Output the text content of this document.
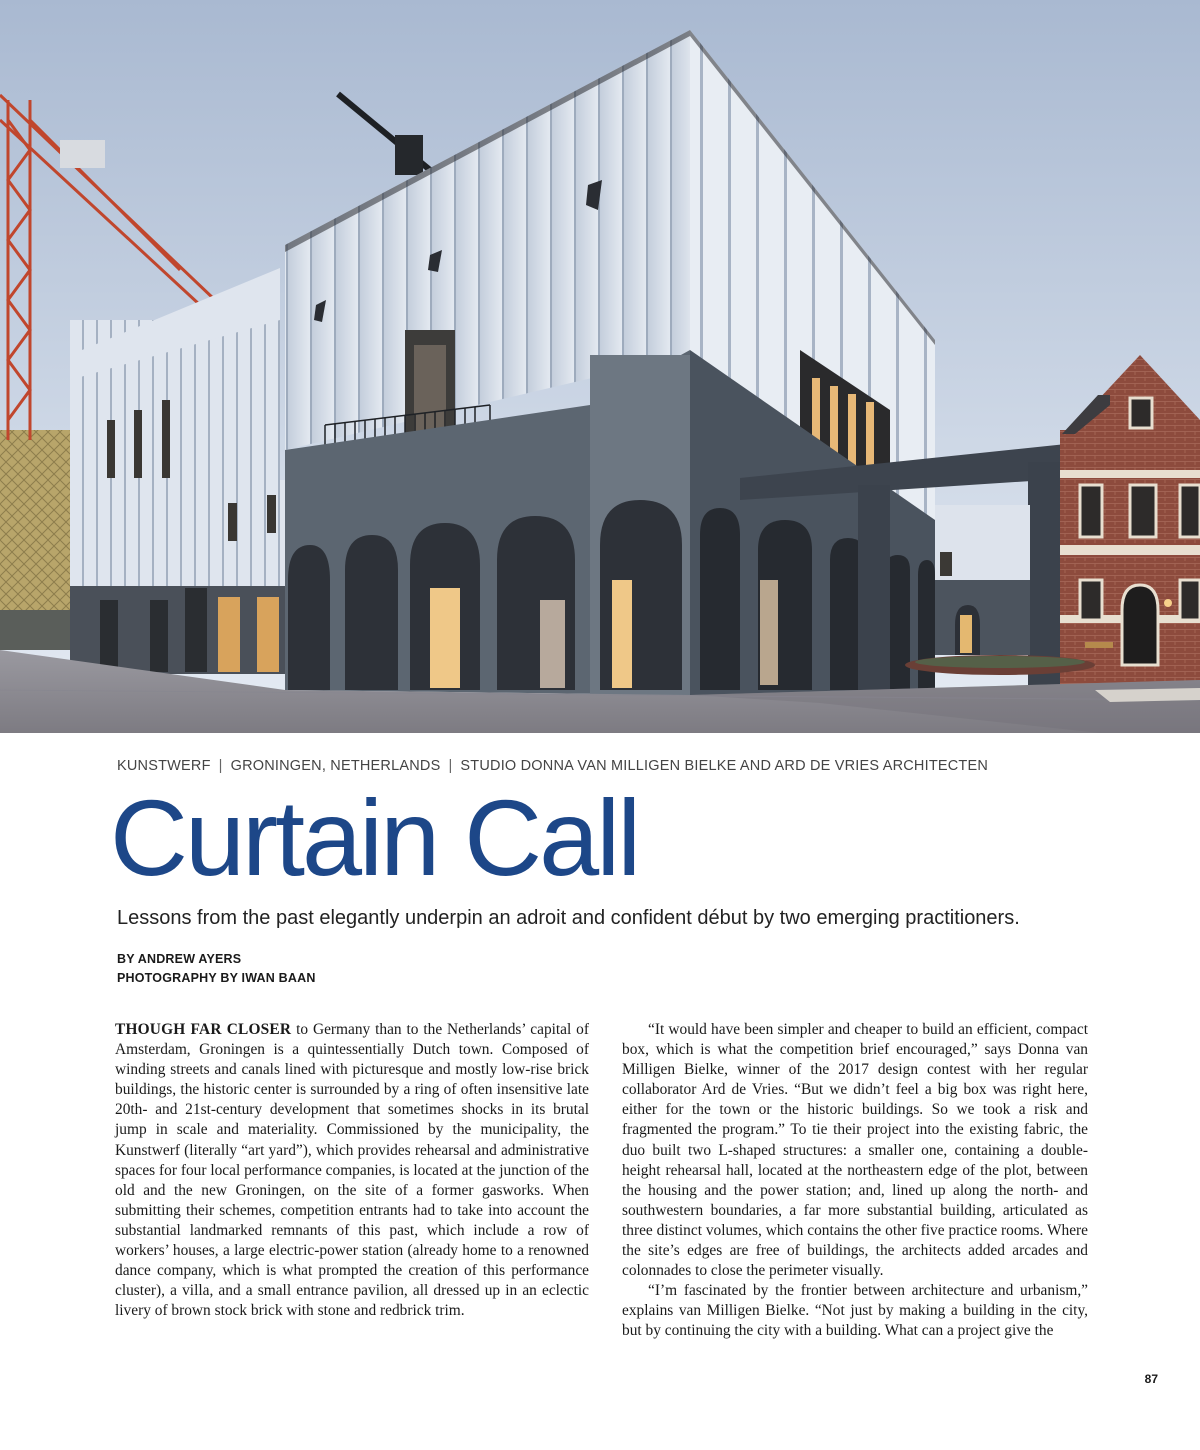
KUNSTWERF | GRONINGEN, NETHERLANDS | STUDIO DONNA VAN MILLIGEN BIELKE AND ARD DE VRIES ARCHITECTEN
Curtain Call

Lessons from the past elegantly underpin an adroit and confident début by two emerging practitioners.

BY ANDREW AYERS
PHOTOGRAPHY BY IWAN BAAN

THOUGH FAR CLOSER to Germany than to the Netherlands’ capital of Amsterdam, Groningen is a quintessentially Dutch town. Composed of winding streets and canals lined with picturesque and mostly low-rise brick buildings, the historic center is surrounded by a ring of often insensitive late 20th- and 21st-century development that sometimes shocks in its brutal jump in scale and materiality. Commissioned by the municipality, the Kunstwerf (literally “art yard”), which provides rehearsal and administrative spaces for four local performance companies, is located at the junction of the old and the new Groningen, on the site of a former gasworks. When submitting their schemes, competition entrants had to take into account the substantial landmarked remnants of this past, which include a row of workers’ houses, a large electric-power station (already home to a renowned dance company, which is what prompted the creation of this performance cluster), a villa, and a small entrance pavilion, all dressed up in an eclectic livery of brown stock brick with stone and redbrick trim.

“It would have been simpler and cheaper to build an efficient, compact box, which is what the competition brief encouraged,” says Donna van Milligen Bielke, winner of the 2017 design contest with her regular collaborator Ard de Vries. “But we didn’t feel a big box was right here, either for the town or the historic buildings. So we took a risk and fragmented the program.” To tie their project into the existing fabric, the duo built two L-shaped structures: a smaller one, containing a double-height rehearsal hall, located at the northeastern edge of the plot, between the housing and the power station; and, lined up along the north- and southwestern boundaries, a far more substantial building, articulated as three distinct volumes, which contains the other five practice rooms. Where the site’s edges are free of buildings, the architects added arcades and colonnades to close the perimeter visually.

“I’m fascinated by the frontier between architecture and urbanism,” explains van Milligen Bielke. “Not just by making a building in the city, but by continuing the city with a building. What can a project give the

87
